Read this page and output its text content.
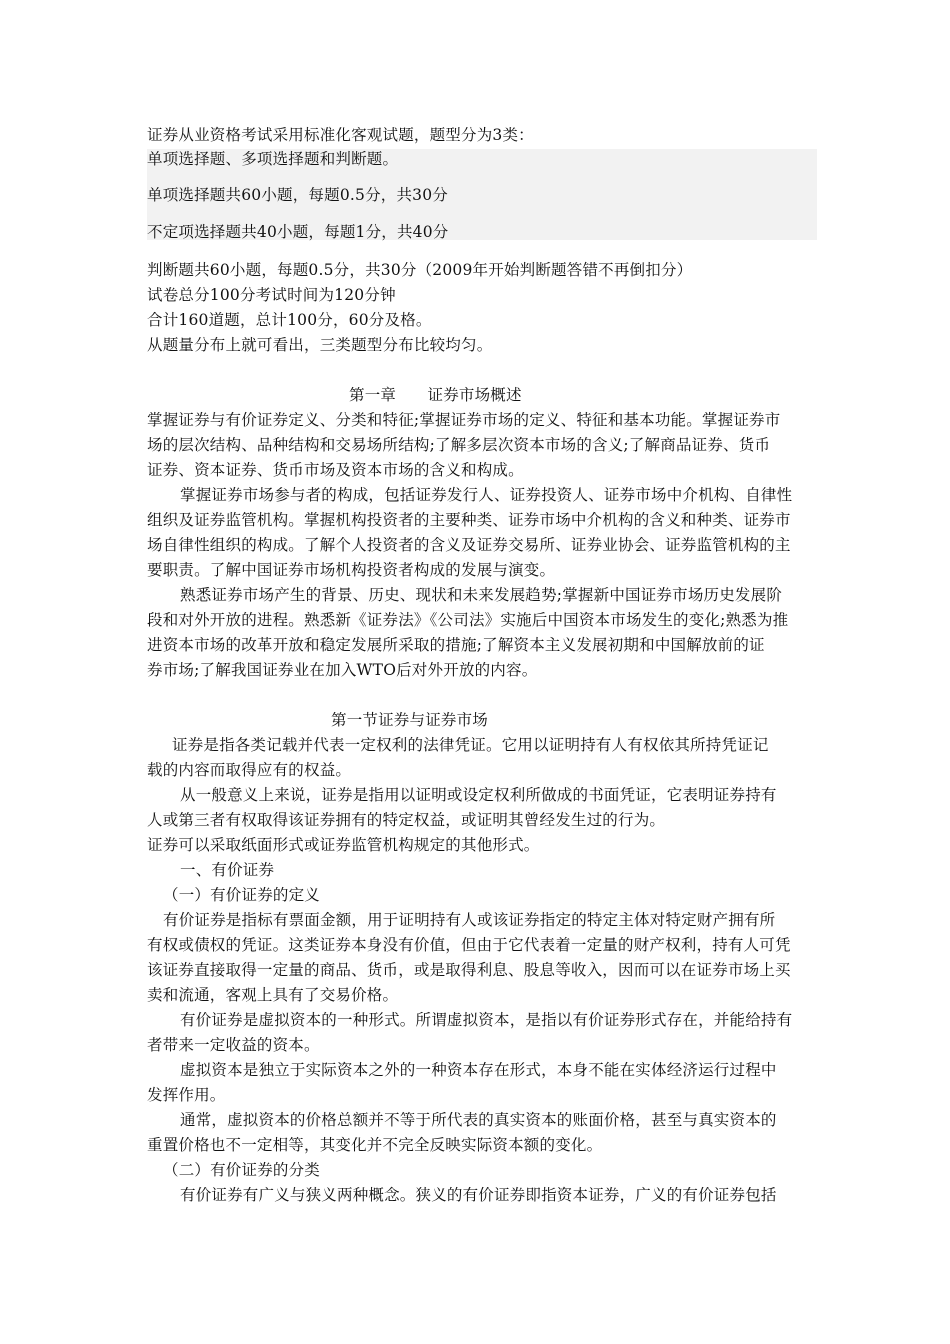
证券从业资格考试采用标准化客观试题，题型分为3类：
单项选择题、多项选择题和判断题。
单项选择题共60小题，每题0.5分，共30分
不定项选择题共40小题，每题1分，共40分
判断题共60小题，每题0.5分，共30分（2009年开始判断题答错不再倒扣分）
试卷总分100分考试时间为120分钟
合计160道题，总计100分，60分及格。
从题量分布上就可看出，三类题型分布比较均匀。
第一章　　证券市场概述
掌握证券与有价证券定义、分类和特征;掌握证券市场的定义、特征和基本功能。掌握证券市
场的层次结构、品种结构和交易场所结构;了解多层次资本市场的含义;了解商品证券、货币
证券、资本证券、货币市场及资本市场的含义和构成。
掌握证券市场参与者的构成，包括证券发行人、证券投资人、证券市场中介机构、自律性
组织及证券监管机构。掌握机构投资者的主要种类、证券市场中介机构的含义和种类、证券市
场自律性组织的构成。了解个人投资者的含义及证券交易所、证券业协会、证券监管机构的主
要职责。了解中国证券市场机构投资者构成的发展与演变。
熟悉证券市场产生的背景、历史、现状和未来发展趋势;掌握新中国证券市场历史发展阶
段和对外开放的进程。熟悉新《证券法》《公司法》实施后中国资本市场发生的变化;熟悉为推
进资本市场的改革开放和稳定发展所采取的措施;了解资本主义发展初期和中国解放前的证
券市场;了解我国证券业在加入WTO后对外开放的内容。
第一节证券与证券市场
证券是指各类记载并代表一定权利的法律凭证。它用以证明持有人有权依其所持凭证记
载的内容而取得应有的权益。
从一般意义上来说，证券是指用以证明或设定权利所做成的书面凭证，它表明证券持有
人或第三者有权取得该证券拥有的特定权益，或证明其曾经发生过的行为。
证券可以采取纸面形式或证券监管机构规定的其他形式。
一、有价证券
（一）有价证券的定义
有价证券是指标有票面金额，用于证明持有人或该证券指定的特定主体对特定财产拥有所
有权或债权的凭证。这类证券本身没有价值，但由于它代表着一定量的财产权利，持有人可凭
该证券直接取得一定量的商品、货币，或是取得利息、股息等收入，因而可以在证券市场上买
卖和流通，客观上具有了交易价格。
有价证券是虚拟资本的一种形式。所谓虚拟资本，是指以有价证券形式存在，并能给持有
者带来一定收益的资本。
虚拟资本是独立于实际资本之外的一种资本存在形式，本身不能在实体经济运行过程中
发挥作用。
通常，虚拟资本的价格总额并不等于所代表的真实资本的账面价格，甚至与真实资本的
重置价格也不一定相等，其变化并不完全反映实际资本额的变化。
（二）有价证券的分类
有价证券有广义与狭义两种概念。狭义的有价证券即指资本证券，广义的有价证券包括
